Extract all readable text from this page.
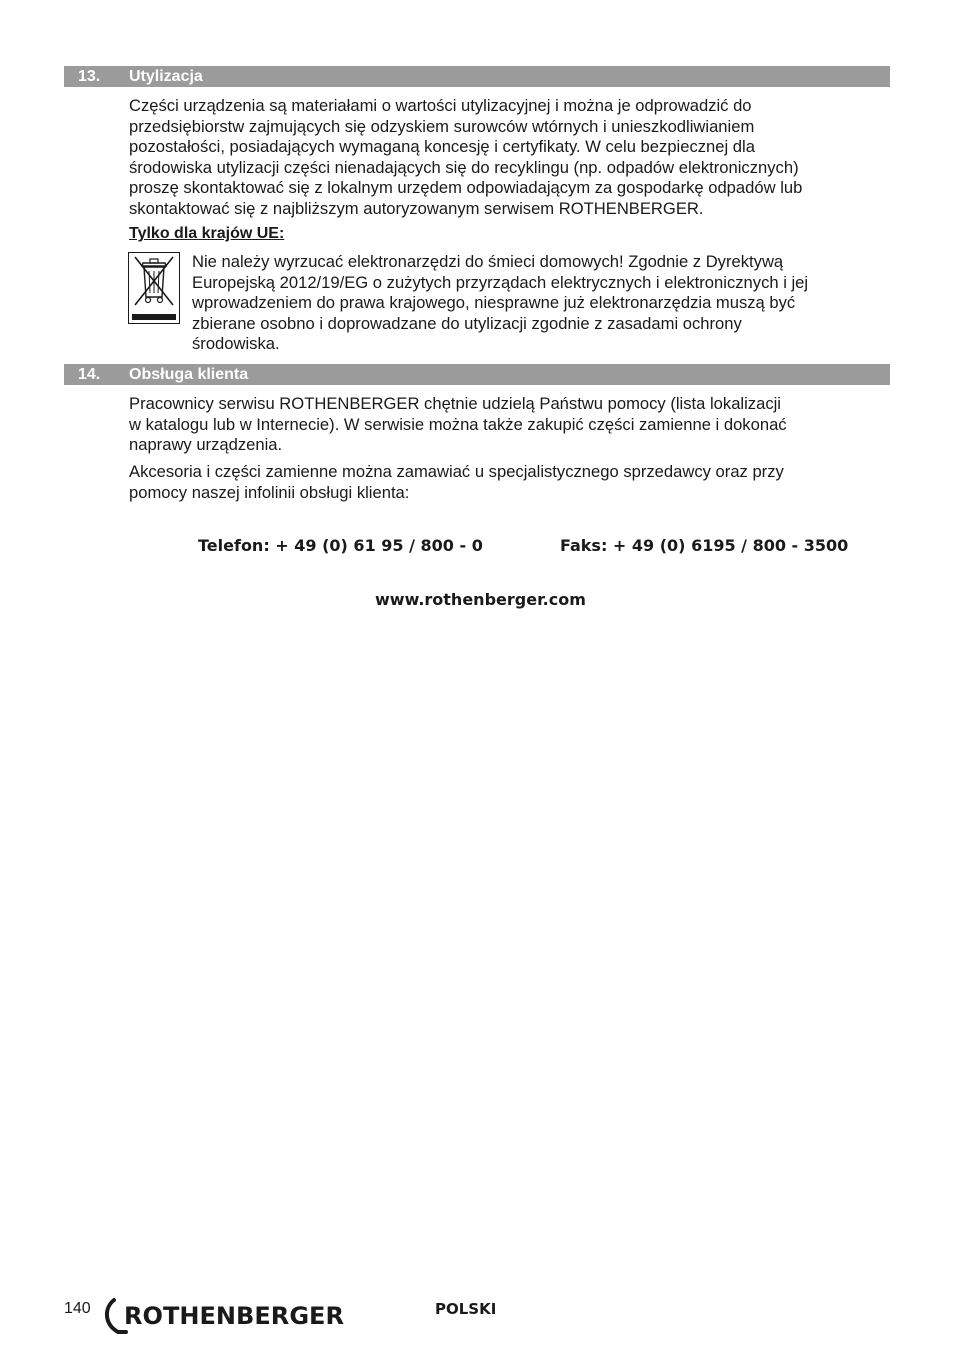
13. Utylizacja

Części urządzenia są materiałami o wartości utylizacyjnej i można je odprowadzić do
przedsiębiorstw zajmujących się odzyskiem surowców wtórnych i unieszkodliwianiem
pozostałości, posiadających wymaganą koncesję i certyfikaty. W celu bezpiecznej dla
środowiska utylizacji części nienadających się do recyklingu (np. odpadów elektronicznych)
proszę skontaktować się z lokalnym urzędem odpowiadającym za gospodarkę odpadów lub
skontaktować się z najbliższym autoryzowanym serwisem ROTHENBERGER.

Tylko dla krajów UE:

Nie należy wyrzucać elektronarzędzi do śmieci domowych! Zgodnie z Dyrektywą
Europejską 2012/19/EG o zużytych przyrządach elektrycznych i elektronicznych i jej
wprowadzeniem do prawa krajowego, niesprawne już elektronarzędzia muszą być
zbierane osobno i doprowadzane do utylizacji zgodnie z zasadami ochrony
środowiska.

14. Obsługa klienta

Pracownicy serwisu ROTHENBERGER chętnie udzielą Państwu pomocy (lista lokalizacji
w katalogu lub w Internecie). W serwisie można także zakupić części zamienne i dokonać
naprawy urządzenia.

Akcesoria i części zamienne można zamawiać u specjalistycznego sprzedawcy oraz przy
pomocy naszej infolinii obsługi klienta:

Telefon: + 49 (0) 61 95 / 800 - 0	Faks: + 49 (0) 6195 / 800 - 3500

www.rothenberger.com

140 ROTHENBERGER	POLSKI
